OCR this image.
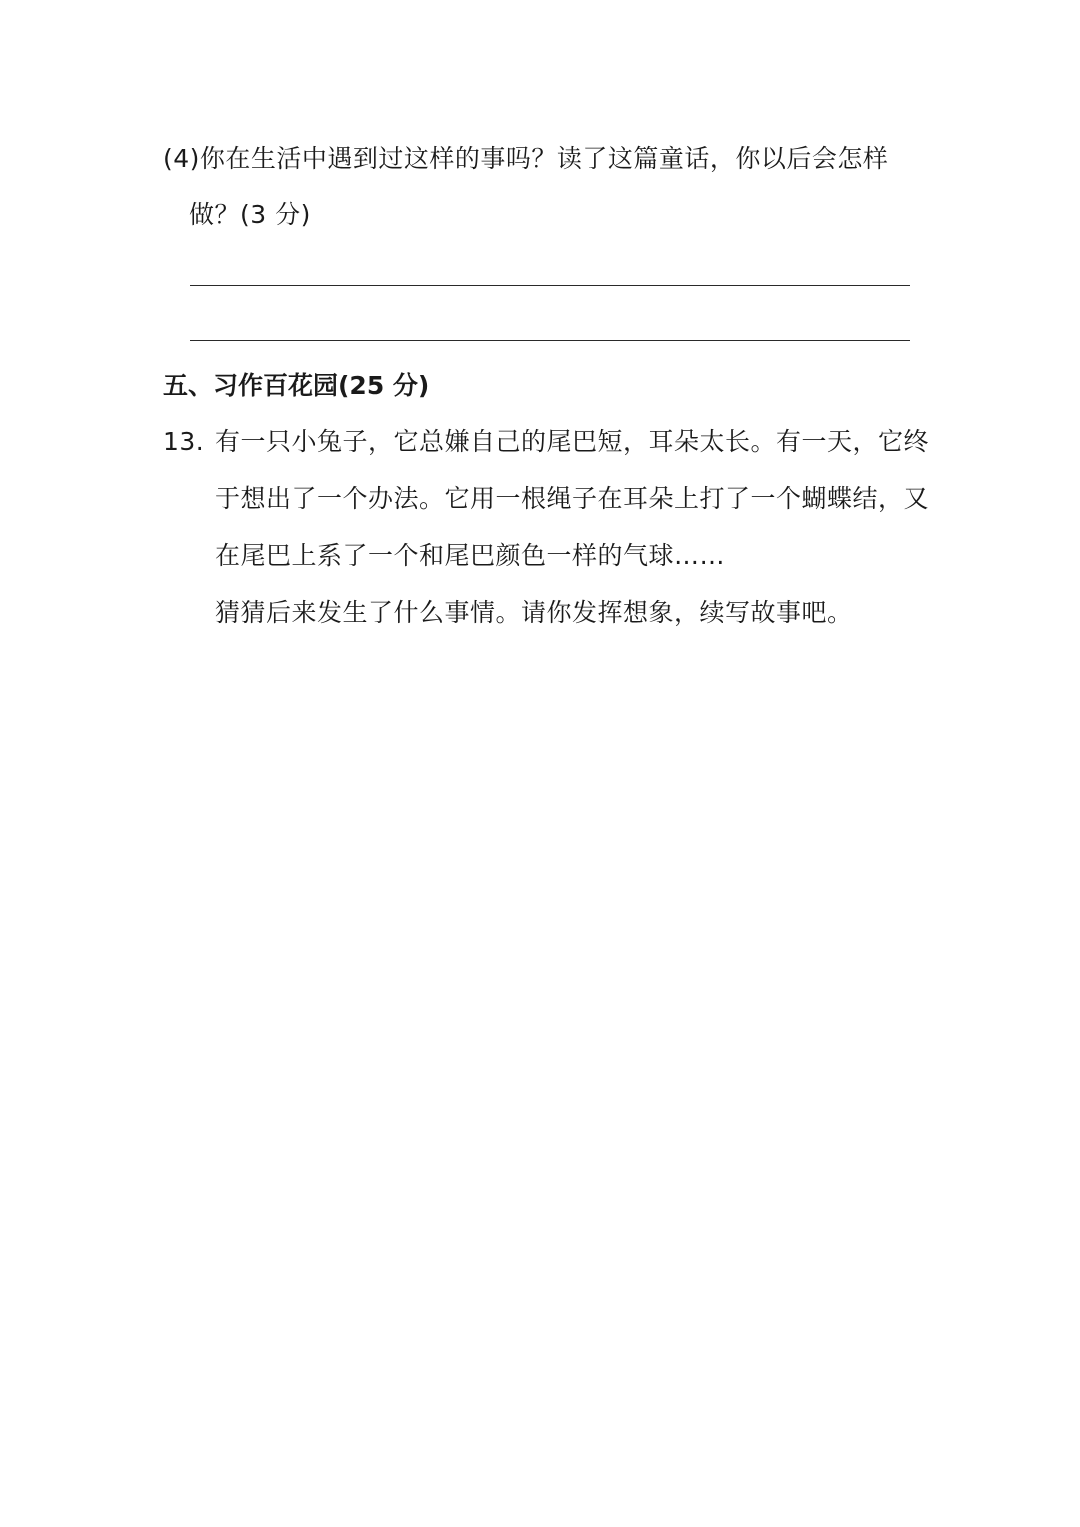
(4)你在生活中遇到过这样的事吗？读了这篇童话，你以后会怎样
做？(3 分)
五、习作百花园(25 分)
13. 有一只小兔子，它总嫌自己的尾巴短，耳朵太长。有一天，它终
于想出了一个办法。它用一根绳子在耳朵上打了一个蝴蝶结，又
在尾巴上系了一个和尾巴颜色一样的气球……
猜猜后来发生了什么事情。请你发挥想象，续写故事吧。
